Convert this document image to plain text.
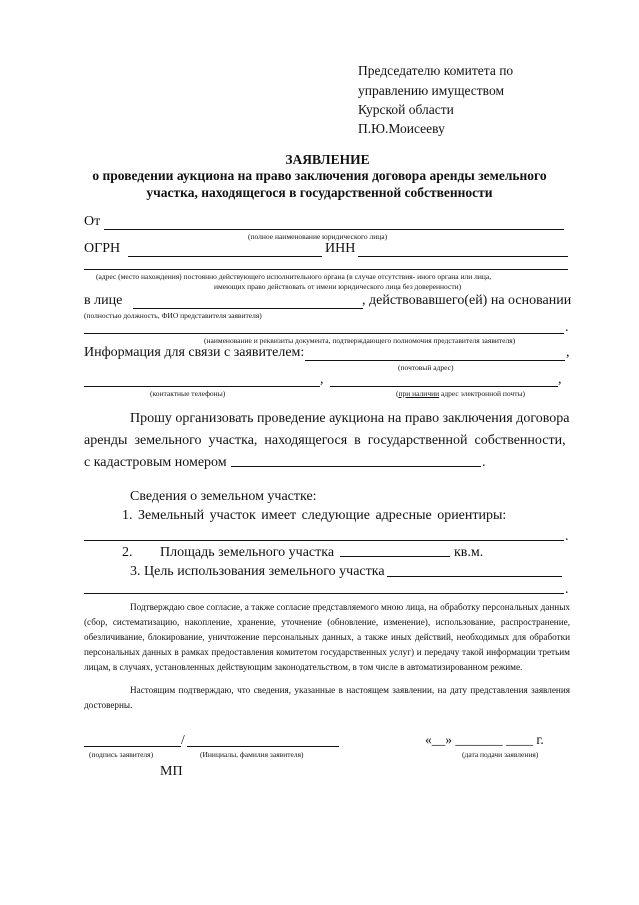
Председателю комитета по
управлению имуществом
Курской области
П.Ю.Моисееву
ЗАЯВЛЕНИЕ
о проведении аукциона на право заключения договора аренды земельного
участка, находящегося в государственной собственности
От
(полное наименование юридического лица)
ОГРН	ИНН
(адрес (место нахождения) постоянно действующего исполнительного органа (в случае отсутствия- иного органа или лица,
имеющих право действовать от имени юридического лица без доверенности)
в лице	, действовавшего(ей) на основании
(полностью должность, ФИО представителя заявителя)
.
(наименование и реквизиты документа, подтверждающего полномочия представителя заявителя)
Информация для связи с заявителем:	,
(почтовый адрес)
,	,
(контактные телефоны)	(при наличии адрес электронной почты)
Прошу организовать проведение аукциона на право заключения договора
аренды земельного участка, находящегося в государственной собственности,
с кадастровым номером	.
Сведения о земельном участке:
1. Земельный участок имеет следующие адресные ориентиры:
.
2. Площадь земельного участка	кв.м.
3. Цель использования земельного участка
.
Подтверждаю свое согласие, а также согласие представляемого мною лица, на обработку персональных данных (сбор, систематизацию, накопление, хранение, уточнение (обновление, изменение), использование, распространение, обезличивание, блокирование, уничтожение персональных данных, а также иных действий, необходимых для обработки персональных данных в рамках предоставления комитетом государственных услуг) и передачу такой информации третьим лицам, в случаях, установленных действующим законодательством, в том числе в автоматизированном режиме.
Настоящим подтверждаю, что сведения, указанные в настоящем заявлении, на дату представления заявления достоверны.
/	«__» _______ ____ г.
(подпись заявителя)	(Инициалы, фамилия заявителя)	(дата подачи заявления)
МП
